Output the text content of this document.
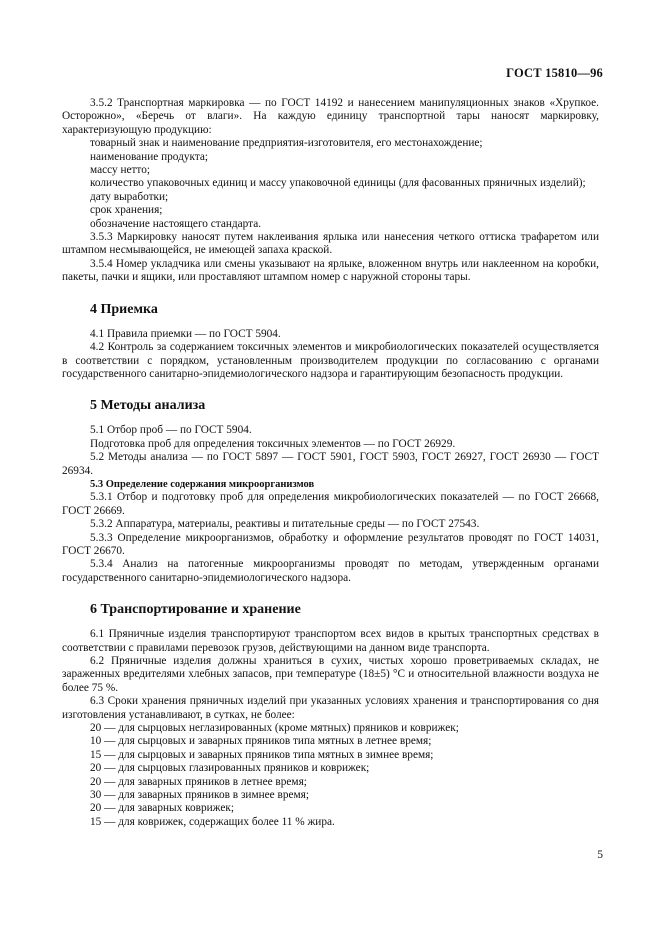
ГОСТ 15810—96

3.5.2 Транспортная маркировка — по ГОСТ 14192 и нанесением манипуляционных знаков «Хрупкое. Осторожно», «Беречь от влаги». На каждую единицу транспортной тары наносят маркировку, характеризующую продукцию:

товарный знак и наименование предприятия-изготовителя, его местонахождение;

наименование продукта;

массу нетто;

количество упаковочных единиц и массу упаковочной единицы (для фасованных пряничных изделий);

дату выработки;

срок хранения;

обозначение настоящего стандарта.

3.5.3 Маркировку наносят путем наклеивания ярлыка или нанесения четкого оттиска трафаретом или штампом несмывающейся, не имеющей запаха краской.

3.5.4 Номер укладчика или смены указывают на ярлыке, вложенном внутрь или наклеенном на коробки, пакеты, пачки и ящики, или проставляют штампом номер с наружной стороны тары.

4 Приемка

4.1 Правила приемки — по ГОСТ 5904.

4.2 Контроль за содержанием токсичных элементов и микробиологических показателей осуществляется в соответствии с порядком, установленным производителем продукции по согласованию с органами государственного санитарно-эпидемиологического надзора и гарантирующим безопасность продукции.

5 Методы анализа

5.1 Отбор проб — по ГОСТ 5904.

Подготовка проб для определения токсичных элементов — по ГОСТ 26929.

5.2 Методы анализа — по ГОСТ 5897 — ГОСТ 5901, ГОСТ 5903, ГОСТ 26927, ГОСТ 26930 — ГОСТ 26934.

5.3 Определение содержания микроорганизмов

5.3.1 Отбор и подготовку проб для определения микробиологических показателей — по ГОСТ 26668, ГОСТ 26669.

5.3.2 Аппаратура, материалы, реактивы и питательные среды — по ГОСТ 27543.

5.3.3 Определение микроорганизмов, обработку и оформление результатов проводят по ГОСТ 14031, ГОСТ 26670.

5.3.4 Анализ на патогенные микроорганизмы проводят по методам, утвержденным органами государственного санитарно-эпидемиологического надзора.

6 Транспортирование и хранение

6.1 Пряничные изделия транспортируют транспортом всех видов в крытых транспортных средствах в соответствии с правилами перевозок грузов, действующими на данном виде транспорта.

6.2 Пряничные изделия должны храниться в сухих, чистых хорошо проветриваемых складах, не зараженных вредителями хлебных запасов, при температуре (18±5) °С и относительной влажности воздуха не более 75 %.

6.3 Сроки хранения пряничных изделий при указанных условиях хранения и транспортирования со дня изготовления устанавливают, в сутках, не более:

20 — для сырцовых неглазированных (кроме мятных) пряников и коврижек;

10 — для сырцовых и заварных пряников типа мятных в летнее время;

15 — для сырцовых и заварных пряников типа мятных в зимнее время;

20 — для сырцовых глазированных пряников и коврижек;

20 — для заварных пряников в летнее время;

30 — для заварных пряников в зимнее время;

20 — для заварных коврижек;

15 — для коврижек, содержащих более 11 % жира.

5
